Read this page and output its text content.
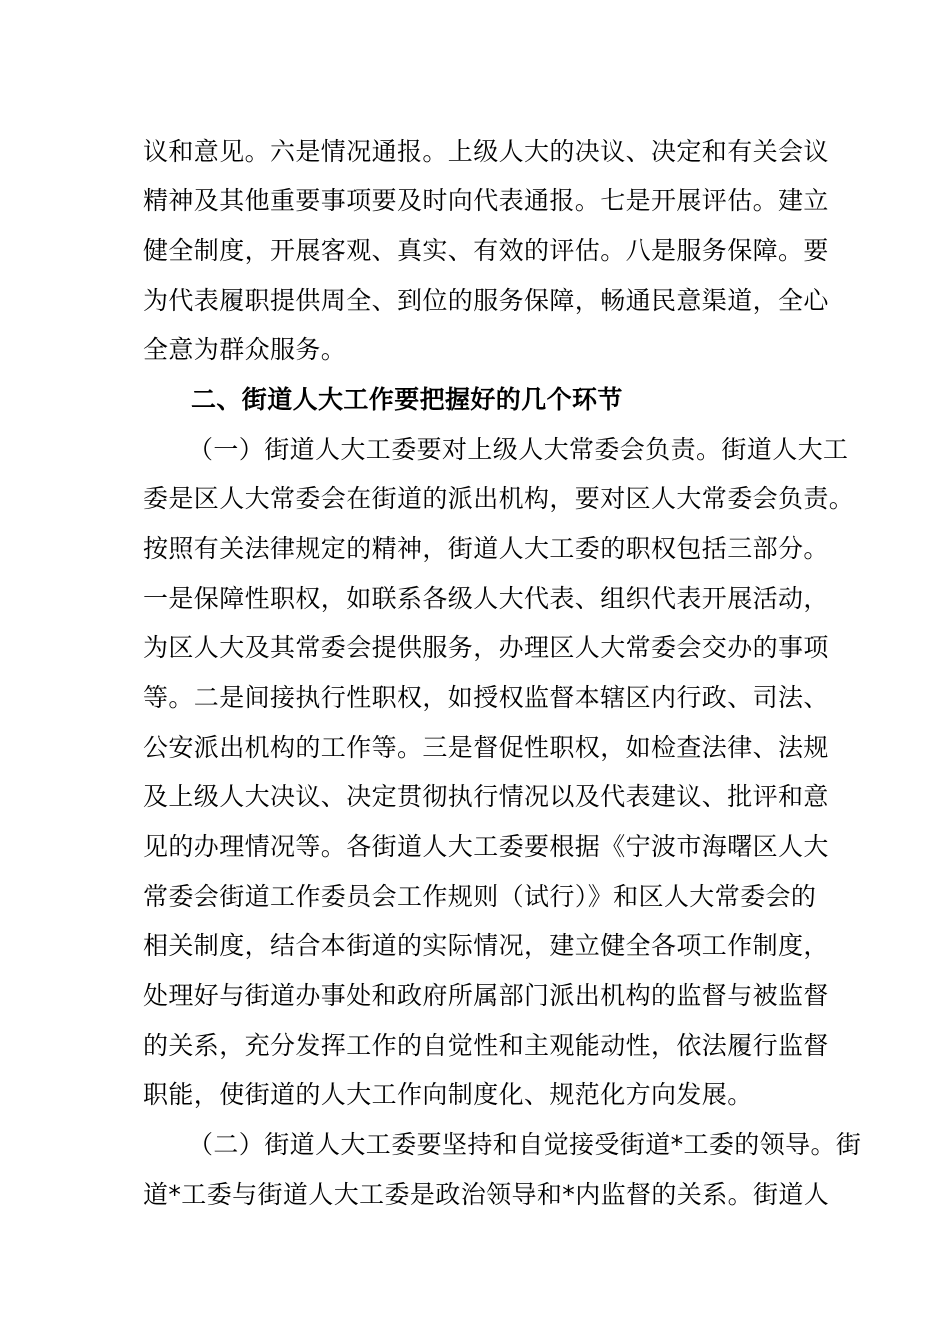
议和意见。六是情况通报。上级人大的决议、决定和有关会议
精神及其他重要事项要及时向代表通报。七是开展评估。建立
健全制度，开展客观、真实、有效的评估。八是服务保障。要
为代表履职提供周全、到位的服务保障，畅通民意渠道，全心
全意为群众服务。
二、街道人大工作要把握好的几个环节
（一）街道人大工委要对上级人大常委会负责。街道人大工
委是区人大常委会在街道的派出机构，要对区人大常委会负责。
按照有关法律规定的精神，街道人大工委的职权包括三部分。
一是保障性职权，如联系各级人大代表、组织代表开展活动，
为区人大及其常委会提供服务，办理区人大常委会交办的事项
等。二是间接执行性职权，如授权监督本辖区内行政、司法、
公安派出机构的工作等。三是督促性职权，如检查法律、法规
及上级人大决议、决定贯彻执行情况以及代表建议、批评和意
见的办理情况等。各街道人大工委要根据《宁波市海曙区人大
常委会街道工作委员会工作规则（试行）》和区人大常委会的
相关制度，结合本街道的实际情况，建立健全各项工作制度，
处理好与街道办事处和政府所属部门派出机构的监督与被监督
的关系，充分发挥工作的自觉性和主观能动性，依法履行监督
职能，使街道的人大工作向制度化、规范化方向发展。
（二）街道人大工委要坚持和自觉接受街道*工委的领导。街
道*工委与街道人大工委是政治领导和*内监督的关系。街道人
